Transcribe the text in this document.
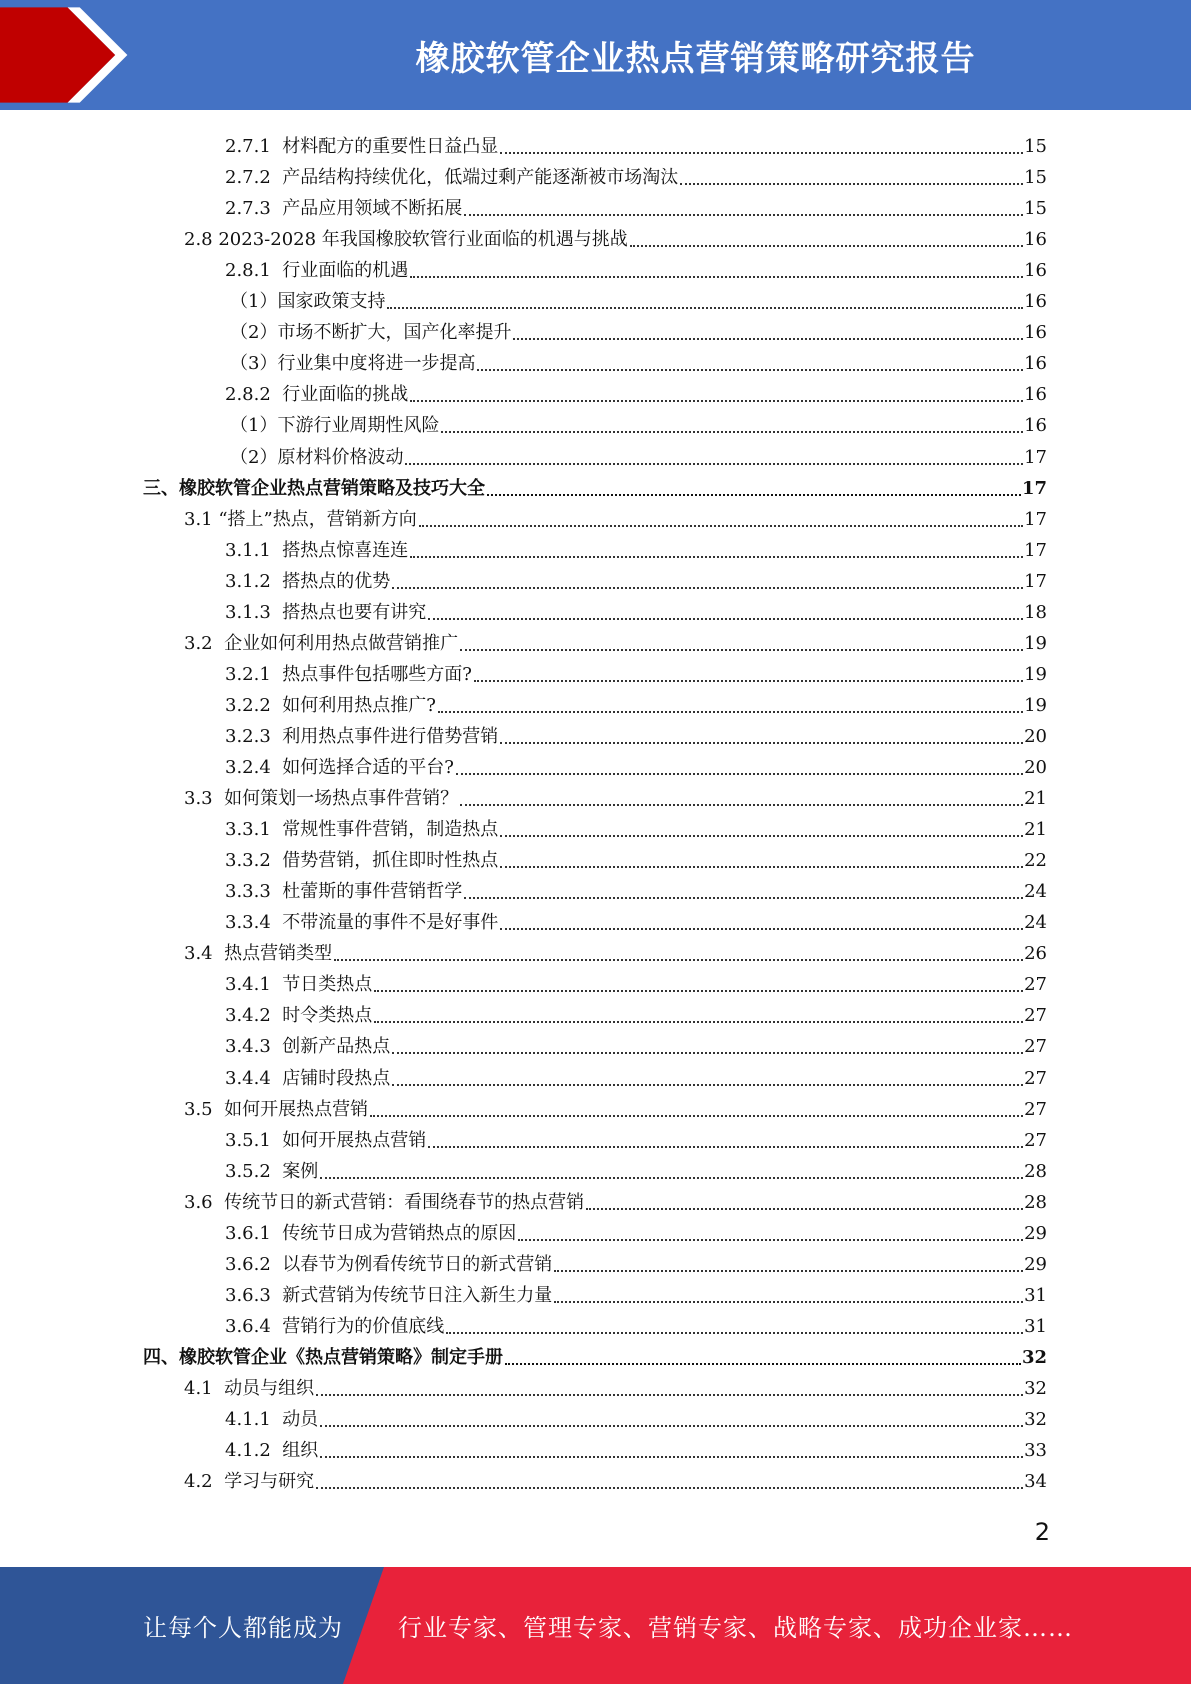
橡胶软管企业热点营销策略研究报告
2.7.1  材料配方的重要性日益凸显	15
2.7.2  产品结构持续优化，低端过剩产能逐渐被市场淘汰	15
2.7.3  产品应用领域不断拓展	15
2.8 2023-2028 年我国橡胶软管行业面临的机遇与挑战	16
2.8.1  行业面临的机遇	16
（1）国家政策支持	16
（2）市场不断扩大，国产化率提升	16
（3）行业集中度将进一步提高	16
2.8.2  行业面临的挑战	16
（1）下游行业周期性风险	16
（2）原材料价格波动	17
三、橡胶软管企业热点营销策略及技巧大全	17
3.1 “搭上”热点，营销新方向	17
3.1.1  搭热点惊喜连连	17
3.1.2  搭热点的优势	17
3.1.3  搭热点也要有讲究	18
3.2  企业如何利用热点做营销推广	19
3.2.1  热点事件包括哪些方面?	19
3.2.2  如何利用热点推广?	19
3.2.3  利用热点事件进行借势营销	20
3.2.4  如何选择合适的平台?	20
3.3  如何策划一场热点事件营销？	21
3.3.1  常规性事件营销，制造热点	21
3.3.2  借势营销，抓住即时性热点	22
3.3.3  杜蕾斯的事件营销哲学	24
3.3.4  不带流量的事件不是好事件	24
3.4  热点营销类型	26
3.4.1  节日类热点	27
3.4.2  时令类热点	27
3.4.3  创新产品热点	27
3.4.4  店铺时段热点	27
3.5  如何开展热点营销	27
3.5.1  如何开展热点营销	27
3.5.2  案例	28
3.6  传统节日的新式营销：看围绕春节的热点营销	28
3.6.1  传统节日成为营销热点的原因	29
3.6.2  以春节为例看传统节日的新式营销	29
3.6.3  新式营销为传统节日注入新生力量	31
3.6.4  营销行为的价值底线	31
四、橡胶软管企业《热点营销策略》制定手册	32
4.1  动员与组织	32
4.1.1  动员	32
4.1.2  组织	33
4.2  学习与研究	34
2
让每个人都能成为 行业专家、管理专家、营销专家、战略专家、成功企业家……
